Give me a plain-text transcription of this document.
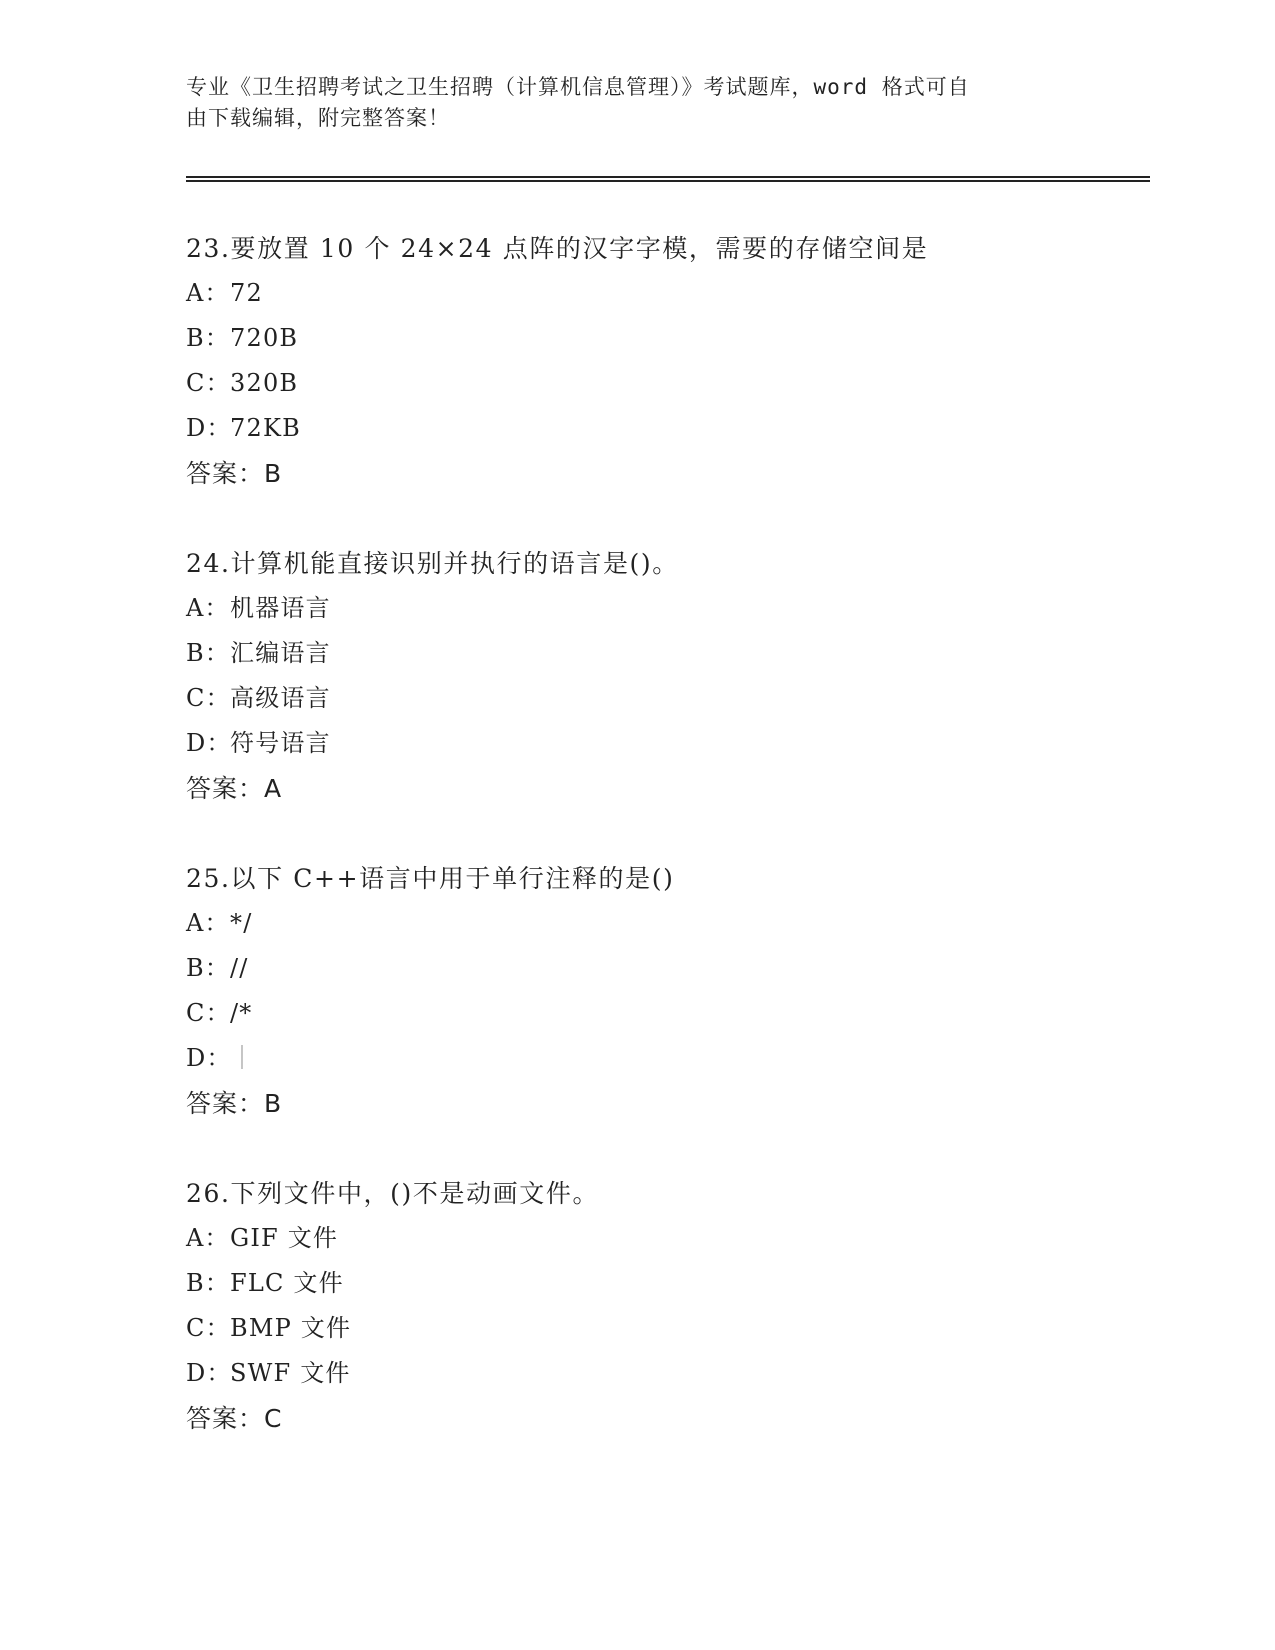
专业《卫生招聘考试之卫生招聘（计算机信息管理）》考试题库，word 格式可自
由下载编辑，附完整答案！
23.要放置 10 个 24×24 点阵的汉字字模，需要的存储空间是
A：72
B：720B
C：320B
D：72KB
答案：B
24.计算机能直接识别并执行的语言是()。
A：机器语言
B：汇编语言
C：高级语言
D：符号语言
答案：A
25.以下 C++语言中用于单行注释的是()
A：*/
B：//
C：/*
D：｜
答案：B
26.下列文件中，()不是动画文件。
A：GIF 文件
B：FLC 文件
C：BMP 文件
D：SWF 文件
答案：C
